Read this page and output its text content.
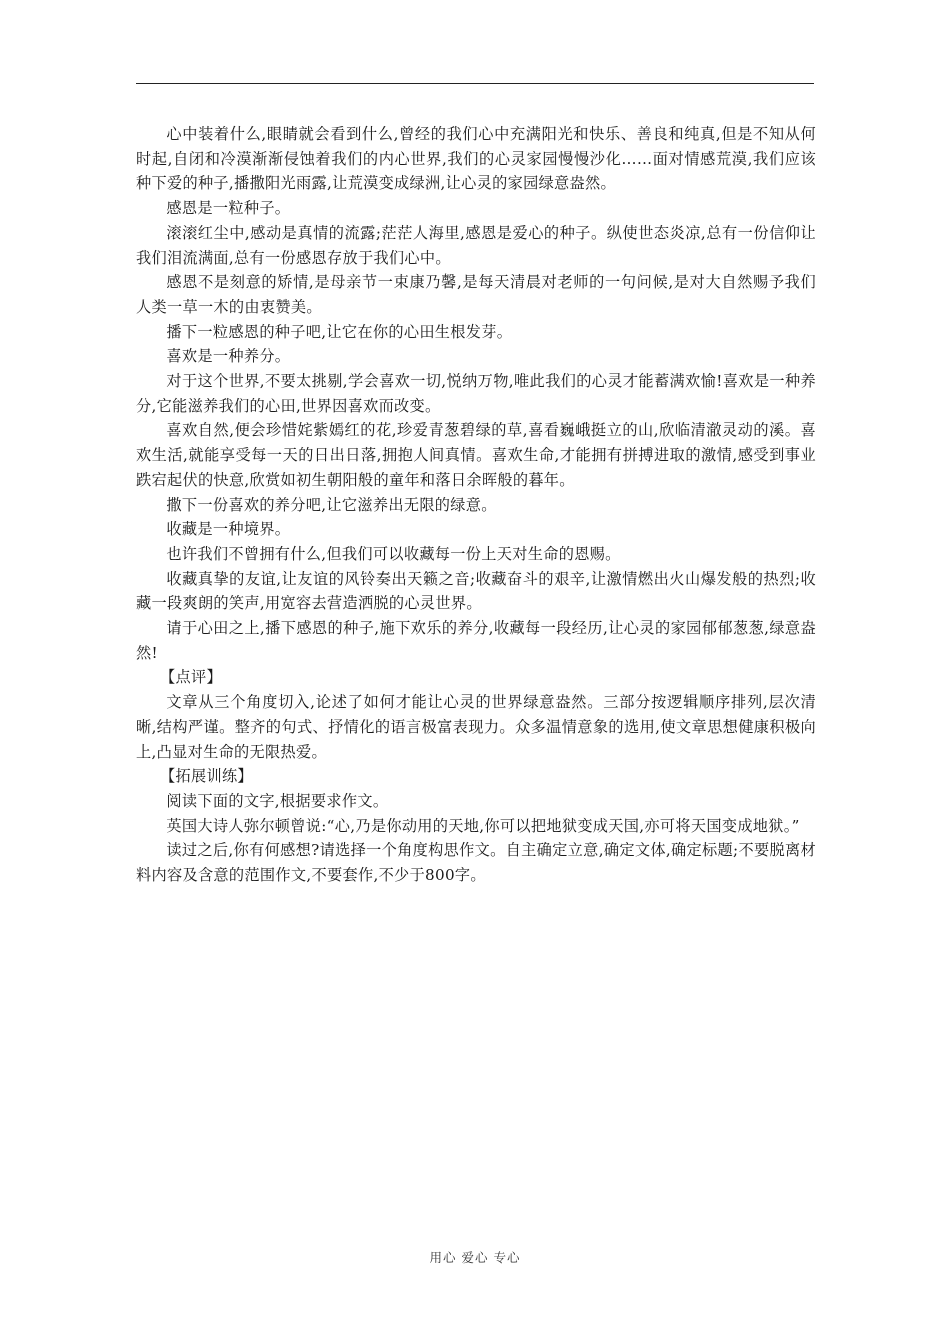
心中装着什么,眼睛就会看到什么,曾经的我们心中充满阳光和快乐、善良和纯真,但是不知从何时起,自闭和冷漠渐渐侵蚀着我们的内心世界,我们的心灵家园慢慢沙化……面对情感荒漠,我们应该种下爱的种子,播撒阳光雨露,让荒漠变成绿洲,让心灵的家园绿意盎然。

感恩是一粒种子。

滚滚红尘中,感动是真情的流露;茫茫人海里,感恩是爱心的种子。纵使世态炎凉,总有一份信仰让我们泪流满面,总有一份感恩存放于我们心中。

感恩不是刻意的矫情,是母亲节一束康乃馨,是每天清晨对老师的一句问候,是对大自然赐予我们人类一草一木的由衷赞美。

播下一粒感恩的种子吧,让它在你的心田生根发芽。

喜欢是一种养分。

对于这个世界,不要太挑剔,学会喜欢一切,悦纳万物,唯此我们的心灵才能蓄满欢愉!喜欢是一种养分,它能滋养我们的心田,世界因喜欢而改变。

喜欢自然,便会珍惜姹紫嫣红的花,珍爱青葱碧绿的草,喜看巍峨挺立的山,欣临清澈灵动的溪。喜欢生活,就能享受每一天的日出日落,拥抱人间真情。喜欢生命,才能拥有拼搏进取的激情,感受到事业跌宕起伏的快意,欣赏如初生朝阳般的童年和落日余晖般的暮年。

撒下一份喜欢的养分吧,让它滋养出无限的绿意。

收藏是一种境界。

也许我们不曾拥有什么,但我们可以收藏每一份上天对生命的恩赐。

收藏真挚的友谊,让友谊的风铃奏出天籁之音;收藏奋斗的艰辛,让激情燃出火山爆发般的热烈;收藏一段爽朗的笑声,用宽容去营造洒脱的心灵世界。

请于心田之上,播下感恩的种子,施下欢乐的养分,收藏每一段经历,让心灵的家园郁郁葱葱,绿意盎然!

【点评】

文章从三个角度切入,论述了如何才能让心灵的世界绿意盎然。三部分按逻辑顺序排列,层次清晰,结构严谨。整齐的句式、抒情化的语言极富表现力。众多温情意象的选用,使文章思想健康积极向上,凸显对生命的无限热爱。

【拓展训练】

阅读下面的文字,根据要求作文。

英国大诗人弥尔顿曾说:“心,乃是你动用的天地,你可以把地狱变成天国,亦可将天国变成地狱。”

读过之后,你有何感想?请选择一个角度构思作文。自主确定立意,确定文体,确定标题;不要脱离材料内容及含意的范围作文,不要套作,不少于800字。

用心 爱心 专心
